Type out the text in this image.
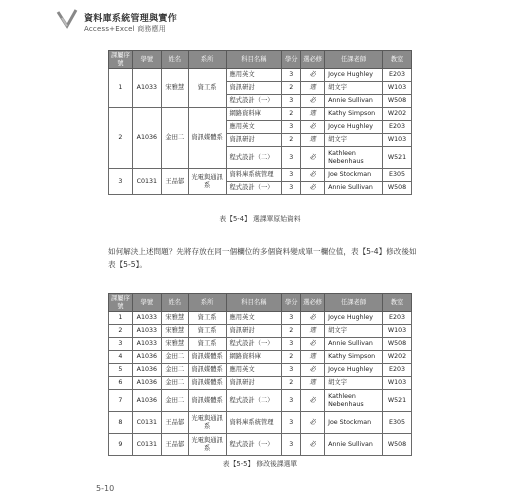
資料庫系統管理與實作
Access+Excel 商務應用
課屬序號	學號	姓名	系所	科目名稱	學分	選必修	任課老師	教室
1	A1033	宋雅慧	資工系	應用英文	3	必	Joyce Hughley	E203
				資訊研討	2	選	胡文宇	W103
				程式設計（一）	3	必	Annie Sullivan	W508
2	A1036	金田二	資訊媒體系	網路資料庫	2	選	Kathy Simpson	W202
				應用英文	3	必	Joyce Hughley	E203
				資訊研討	2	選	胡文宇	W103
				程式設計（二）	3	必	Kathleen Nebenhaus	W521
3	C0131	王品郁	光電與通訊系	資料庫系統管理	3	必	Joe Stockman	E305
				程式設計（一）	3	必	Annie Sullivan	W508
表【5-4】 選課單原始資料
如何解決上述問題？先將存放在同一個欄位的多個資料變成單一欄位值，表【5-4】修改後如表【5-5】。
課屬序號	學號	姓名	系所	科目名稱	學分	選必修	任課老師	教室
1	A1033	宋雅慧	資工系	應用英文	3	必	Joyce Hughley	E203
2	A1033	宋雅慧	資工系	資訊研討	2	選	胡文宇	W103
3	A1033	宋雅慧	資工系	程式設計（一）	3	必	Annie Sullivan	W508
4	A1036	金田二	資訊媒體系	網路資料庫	2	選	Kathy Simpson	W202
5	A1036	金田二	資訊媒體系	應用英文	3	必	Joyce Hughley	E203
6	A1036	金田二	資訊媒體系	資訊研討	2	選	胡文宇	W103
7	A1036	金田二	資訊媒體系	程式設計（二）	3	必	Kathleen Nebenhaus	W521
8	C0131	王品郁	光電與通訊系	資料庫系統管理	3	必	Joe Stockman	E305
9	C0131	王品郁	光電與通訊系	程式設計（一）	3	必	Annie Sullivan	W508
表【5-5】 修改後課選單
5-10
